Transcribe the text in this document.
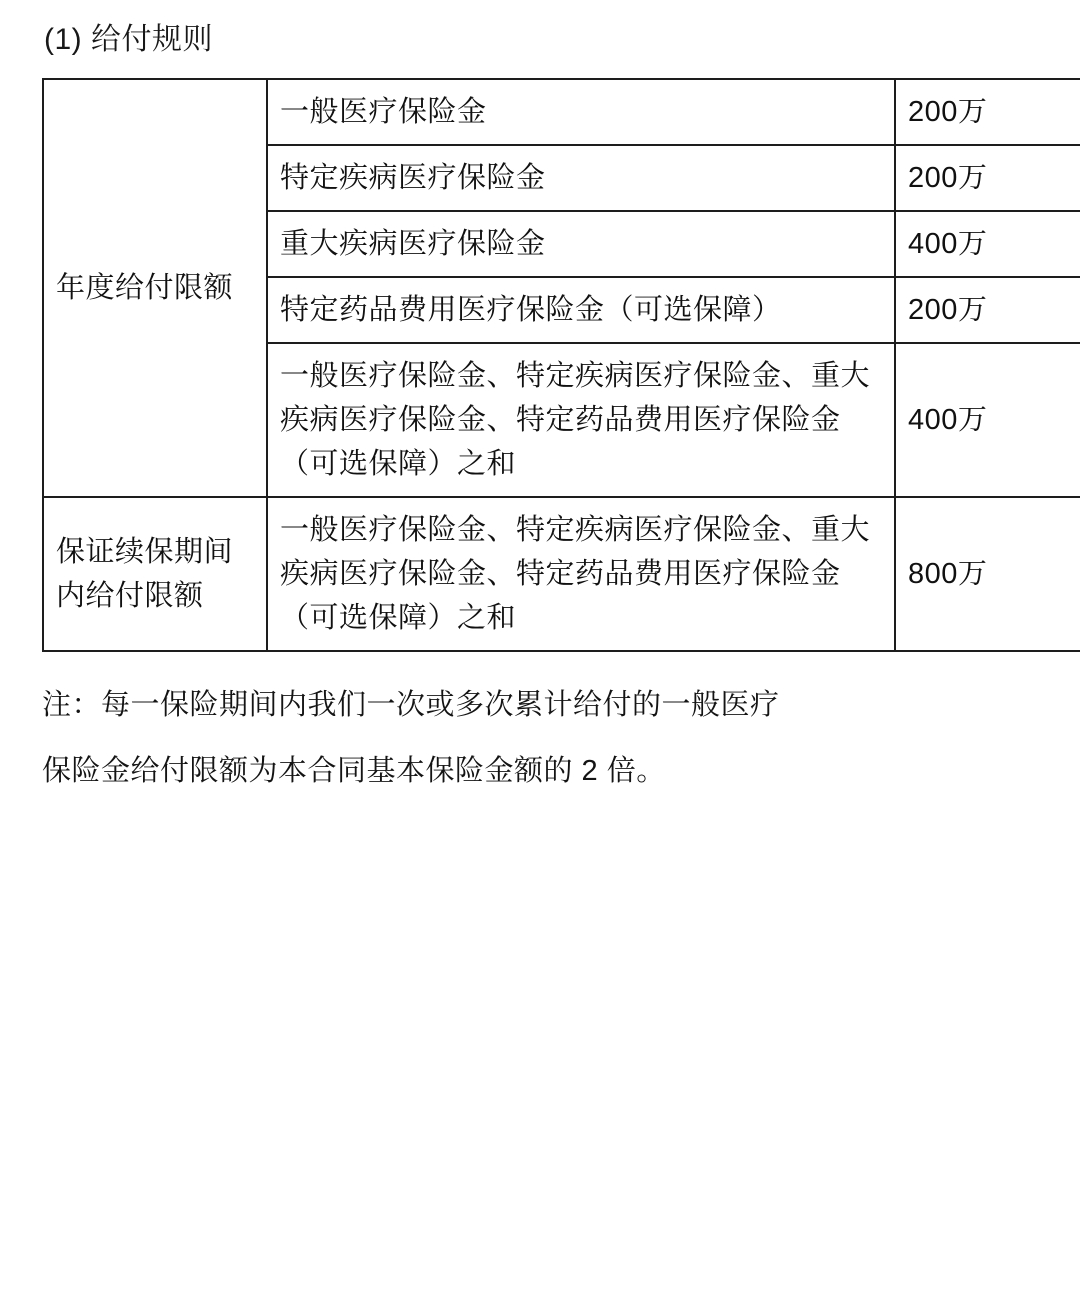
(1) 给付规则
年度给付限额	一般医疗保险金	200万
	特定疾病医疗保险金	200万
	重大疾病医疗保险金	400万
	特定药品费用医疗保险金（可选保障）	200万
	一般医疗保险金、特定疾病医疗保险金、重大疾病医疗保险金、特定药品费用医疗保险金（可选保障）之和	400万
保证续保期间内给付限额	一般医疗保险金、特定疾病医疗保险金、重大疾病医疗保险金、特定药品费用医疗保险金（可选保障）之和	800万
注：每一保险期间内我们一次或多次累计给付的一般医疗
保险金给付限额为本合同基本保险金额的 2 倍。
